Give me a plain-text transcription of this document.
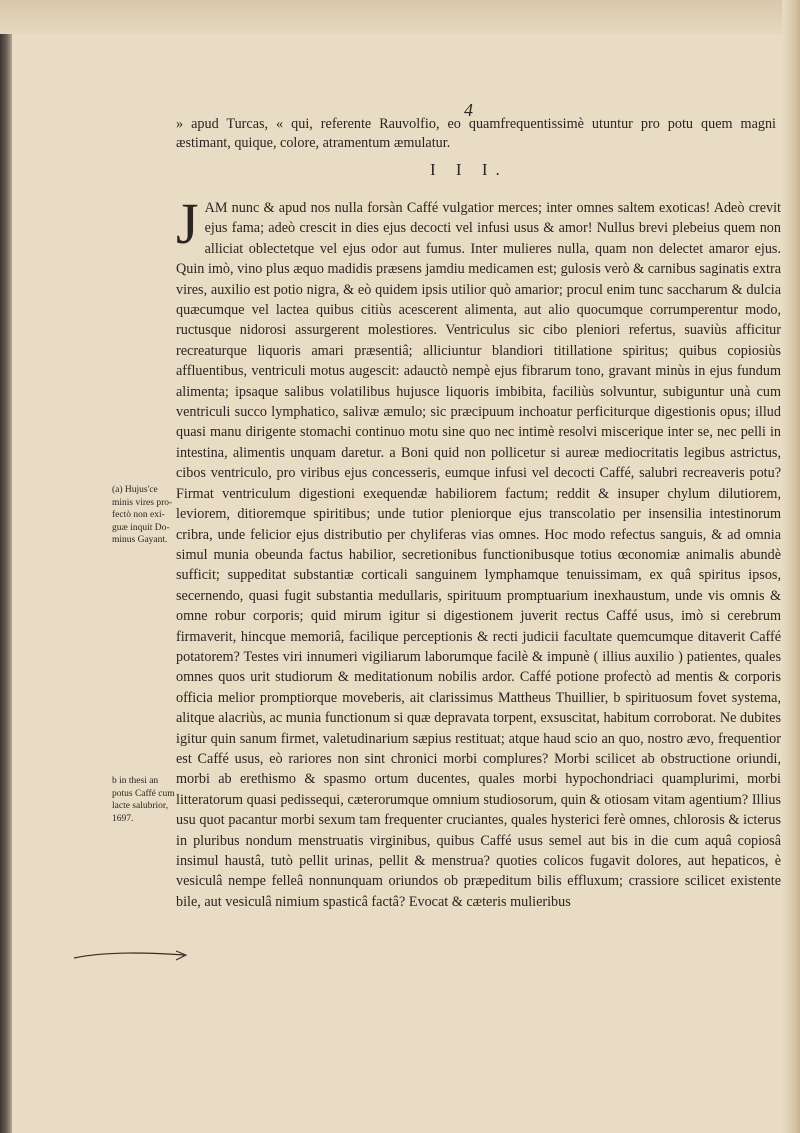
4
» apud Turcas, « qui, referente Rauvolfio, eo quamfrequentissimè utuntur pro potu quem magni æstimant, quique, colore, atramentum æmulatur.
I I I.

JAM nunc & apud nos nulla forsàn Caffé vulgatior merces; inter omnes saltem exoticas! Adeò crevit ejus fama; adeò crescit in dies ejus decocti vel infusi usus & amor! Nullus brevi plebeius quem non alliciat oblectetque vel ejus odor aut fumus. Inter mulieres nulla, quam non delectet amaror ejus. Quin imò, vino plus æquo madidis præsens jamdiu medicamen est; gulosis verò & carnibus saginatis extra vires, auxilio est potio nigra, & eò quidem ipsis utilior quò amarior; procul enim tunc saccharum & dulcia quæcumque vel lactea quibus citiùs acescerent alimenta, aut alio quocumque corrumperentur modo, ructusque nidorosi assurgerent molestiores. Ventriculus sic cibo pleniori refertus, suaviùs afficitur recreaturque liquoris amari præsentiâ; alliciuntur blandiori titillatione spiritus; quibus copiosiùs affluentibus, ventriculi motus augescit: adauctò nempè ejus fibrarum tono, gravant minùs in ejus fundum alimenta; ipsaque salibus volatilibus hujusce liquoris imbibita, faciliùs solvuntur, subiguntur unà cum ventriculi succo lymphatico, salivæ æmulo; sic præcipuum inchoatur perficiturque digestionis opus; illud quasi manu dirigente stomachi continuo motu sine quo nec intimè resolvi miscerique inter se, nec pelli in intestina, alimentis unquam daretur. a Boni quid non pollicetur si aureæ mediocritatis legibus astrictus, cibos ventriculo, pro viribus ejus concesseris, eumque infusi vel decocti Caffé, salubri recreaveris potu? Firmat ventriculum digestioni exequendæ habiliorem factum; reddit & insuper chylum dilutiorem, leviorem, ditioremque spiritibus; unde tutior pleniorque ejus transcolatio per insensilia intestinorum cribra, unde felicior ejus distributio per chyliferas vias omnes. Hoc modo refectus sanguis, & ad omnia simul munia obeunda factus habilior, secretionibus functionibusque totius œconomiæ animalis abundè sufficit; suppeditat substantiæ corticali sanguinem lymphamque tenuissimam, ex quâ spiritus ipsos, secernendo, quasi fugit substantia medullaris, spirituum promptuarium inexhaustum, unde vis omnis & omne robur corporis; quid mirum igitur si digestionem juverit rectus Caffé usus, imò si cerebrum firmaverit, hincque memoriâ, facilique perceptionis & recti judicii facultate quemcumque ditaverit Caffé potatorem? Testes viri innumeri vigiliarum laborumque facilè & impunè ( illius auxilio ) patientes, quales omnes quos urit studiorum & meditationum nobilis ardor. Caffé potione profectò ad mentis & corporis officia melior promptiorque moveberis, ait clarissimus Mattheus Thuillier, b spirituosum fovet systema, alitque alacriùs, ac munia functionum si quæ depravata torpent, exsuscitat, habitum corroborat. Ne dubites igitur quin sanum firmet, valetudinarium sæpius restituat; atque haud scio an quo, nostro ævo, frequentior est Caffé usus, eò rariores non sint chronici morbi complures? Morbi scilicet ab obstructione oriundi, morbi ab erethismo & spasmo ortum ducentes, quales morbi hypochondriaci quamplurimi, morbi litteratorum quasi pedissequi, cæterorumque omnium studiosorum, quin & otiosam vitam agentium? Illius usu quot pacantur morbi sexum tam frequenter cruciantes, quales hysterici ferè omnes, chlorosis & icterus in pluribus nondum menstruatis virginibus, quibus Caffé usus semel aut bis in die cum aquâ copiosâ insimul haustâ, tutò pellit urinas, pellit & menstrua? quoties colicos fugavit dolores, aut hepaticos, è vesiculâ nempe felleâ nonnunquam oriundos ob præpeditum bilis effluxum; crassiore scilicet existente bile, aut vesiculâ nimium spasticâ factâ? Evocat & cæteris mulieribus

(a) Hujus'ce minis vires pro-fectò non exi-guæ inquit Do-minus Gayant.
b in thesi an potus Caffé cum lacte salubrior, 1697.
